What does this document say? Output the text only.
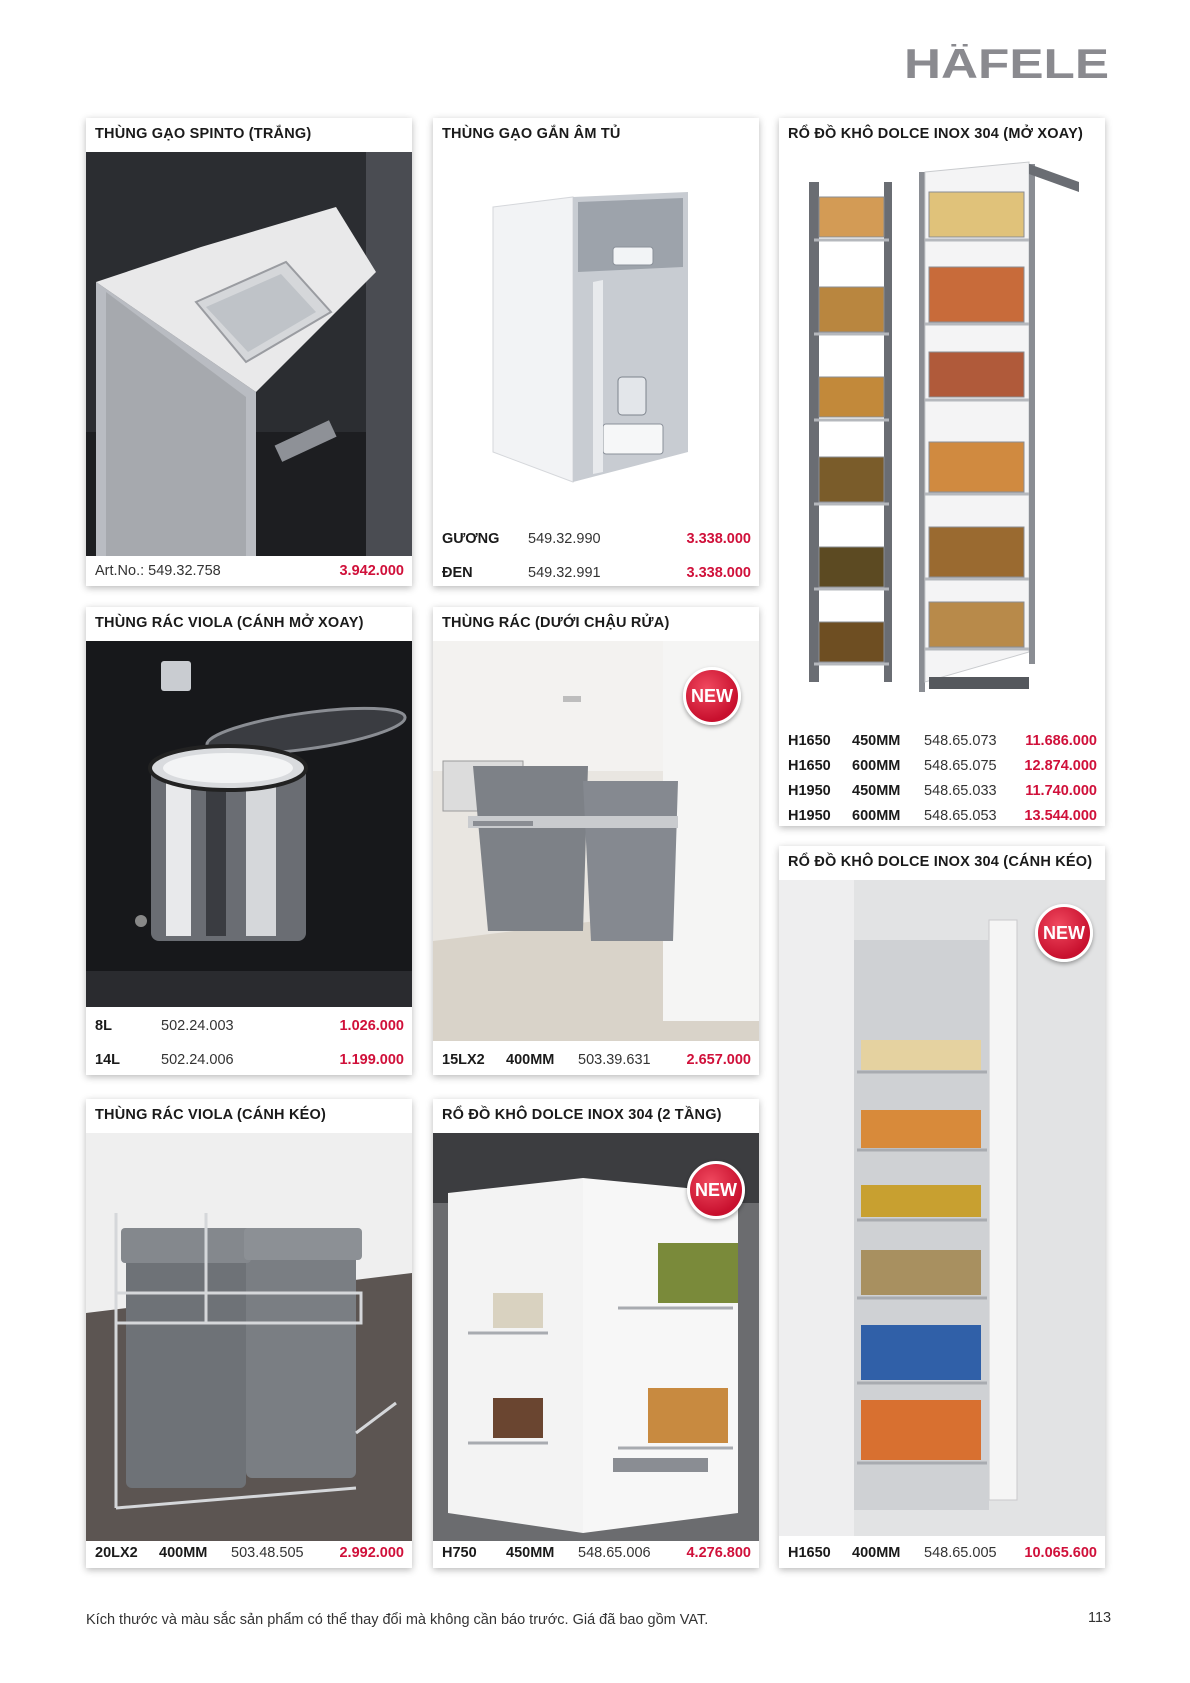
HÄFELE
THÙNG GẠO SPINTO (TRẮNG)
Art.No.: 549.32.758	3.942.000
THÙNG GẠO GẮN ÂM TỦ
GƯƠNG 549.32.990	3.338.000
ĐEN	549.32.991	3.338.000
RỔ ĐỒ KHÔ DOLCE INOX 304 (MỞ XOAY)
H1650 450MM 548.65.073 11.686.000
H1650 600MM 548.65.075 12.874.000
H1950 450MM 548.65.033 11.740.000
H1950 600MM 548.65.053 13.544.000
THÙNG RÁC VIOLA (CÁNH MỞ XOAY)
8L	502.24.003	1.026.000
14L	502.24.006	1.199.000
THÙNG RÁC (DƯỚI CHẬU RỬA)
NEW
15LX2 400MM 503.39.631 2.657.000
RỔ ĐỒ KHÔ DOLCE INOX 304 (CÁNH KÉO)
NEW
H1650 400MM 548.65.005 10.065.600
THÙNG RÁC VIOLA (CÁNH KÉO)
20LX2 400MM 503.48.505 2.992.000
RỔ ĐỒ KHÔ DOLCE INOX 304 (2 TẦNG)
NEW
H750 450MM 548.65.006 4.276.800
Kích thước và màu sắc sản phẩm có thể thay đổi mà không cần báo trước. Giá đã bao gồm VAT.	113
